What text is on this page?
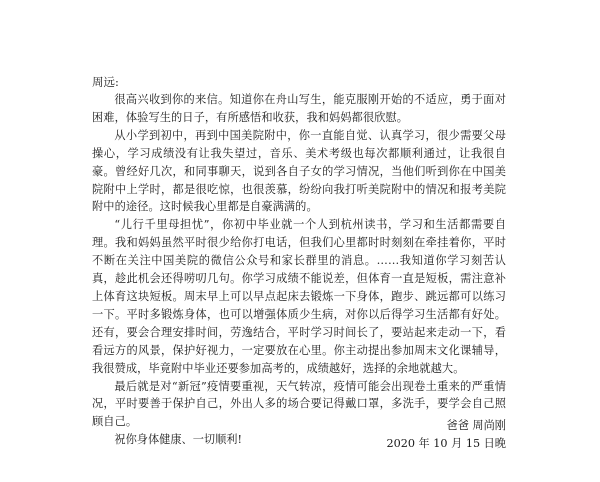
周远:

很高兴收到你的来信。知道你在舟山写生，能克服刚开始的不适应，勇于面对困难，体验写生的日子，有所感悟和收获，我和妈妈都很欣慰。

从小学到初中，再到中国美院附中，你一直能自觉、认真学习，很少需要父母操心，学习成绩没有让我失望过，音乐、美术考级也每次都顺利通过，让我很自豪。曾经好几次，和同事聊天，说到各自子女的学习情况，当他们听到你在中国美院附中上学时，都是很吃惊，也很羡慕，纷纷向我打听美院附中的情况和报考美院附中的途径。这时候我心里都是自豪满满的。

“儿行千里母担忧”，你初中毕业就一个人到杭州读书，学习和生活都需要自理。我和妈妈虽然平时很少给你打电话，但我们心里都时时刻刻在牵挂着你，平时不断在关注中国美院的微信公众号和家长群里的消息。……我知道你学习刻苦认真，趁此机会还得唠叨几句。你学习成绩不能说差，但体育一直是短板，需注意补上体育这块短板。周末早上可以早点起床去锻炼一下身体，跑步、跳远都可以练习一下。平时多锻炼身体，也可以增强体质少生病，对你以后得学习生活都有好处。还有，要会合理安排时间，劳逸结合，平时学习时间长了，要站起来走动一下，看看远方的风景，保护好视力，一定要放在心里。你主动提出参加周末文化课辅导，我很赞成，毕竟附中毕业还要参加高考的，成绩越好，选择的余地就越大。

最后就是对“新冠”疫情要重视，天气转凉，疫情可能会出现卷土重来的严重情况，平时要善于保护自己，外出人多的场合要记得戴口罩，多洗手，要学会自己照顾自己。

祝你身体健康、一切顺利!

爸爸 周尚刚

2020 年 10 月 15 日晚
